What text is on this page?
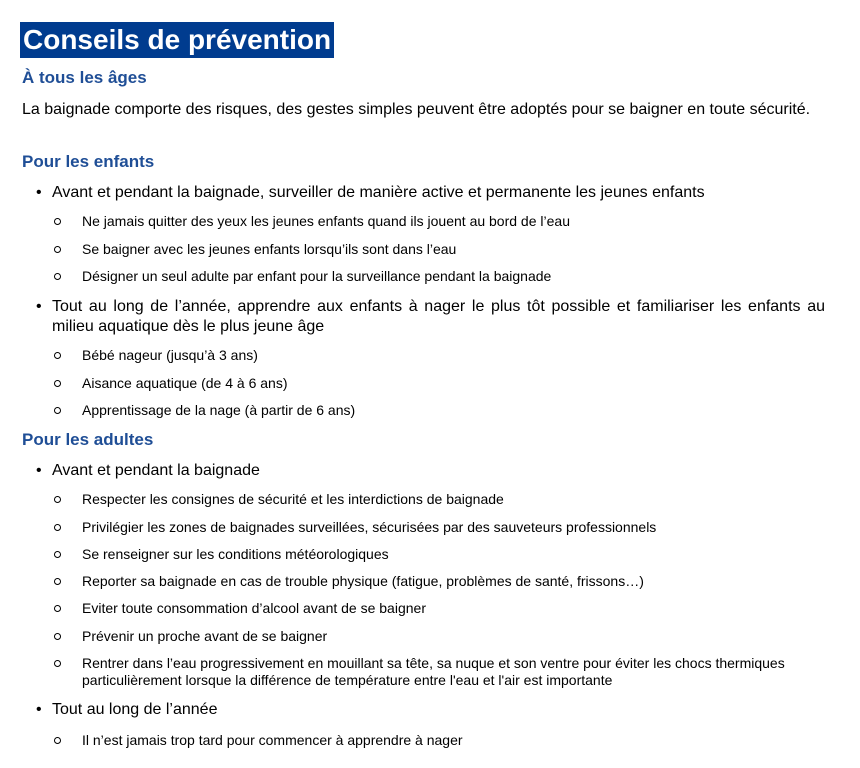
Conseils de prévention
À tous les âges
La baignade comporte des risques, des gestes simples peuvent être adoptés pour se baigner en toute sécurité.
Pour les enfants
• Avant et pendant la baignade, surveiller de manière active et permanente les jeunes enfants
Ne jamais quitter des yeux les jeunes enfants quand ils jouent au bord de l’eau
Se baigner avec les jeunes enfants lorsqu’ils sont dans l’eau
Désigner un seul adulte par enfant pour la surveillance pendant la baignade
• Tout au long de l’année, apprendre aux enfants à nager le plus tôt possible et familiariser les enfants au milieu aquatique dès le plus jeune âge
Bébé nageur (jusqu’à 3 ans)
Aisance aquatique (de 4 à 6 ans)
Apprentissage de la nage (à partir de 6 ans)
Pour les adultes
• Avant et pendant la baignade
Respecter les consignes de sécurité et les interdictions de baignade
Privilégier les zones de baignades surveillées, sécurisées par des sauveteurs professionnels
Se renseigner sur les conditions météorologiques
Reporter sa baignade en cas de trouble physique (fatigue, problèmes de santé, frissons…)
Eviter toute consommation d’alcool avant de se baigner
Prévenir un proche avant de se baigner
Rentrer dans l’eau progressivement en mouillant sa tête, sa nuque et son ventre pour éviter les chocs thermiques particulièrement lorsque la différence de température entre l'eau et l'air est importante
• Tout au long de l’année
Il n’est jamais trop tard pour commencer à apprendre à nager
